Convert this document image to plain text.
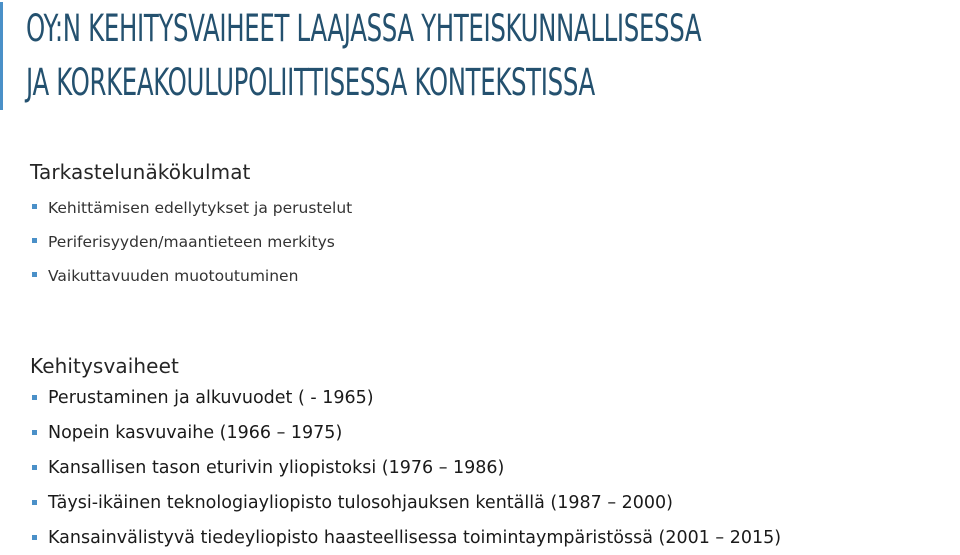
OY:N KEHITYSVAIHEET LAAJASSA YHTEISKUNNALLISESSA
JA KORKEAKOULUPOLIITTISESSA KONTEKSTISSA
Tarkastelunäkökulmat
Kehittämisen edellytykset ja perustelut
Periferisyyden/maantieteen merkitys
Vaikuttavuuden muotoutuminen
Kehitysvaiheet
Perustaminen ja alkuvuodet ( - 1965)
Nopein kasvuvaihe (1966 – 1975)
Kansallisen tason eturivin yliopistoksi (1976 – 1986)
Täysi-ikäinen teknologiayliopisto tulosohjauksen kentällä (1987 – 2000)
Kansainvälistyvä tiedeyliopisto haasteellisessa toimintaympäristössä (2001 – 2015)
